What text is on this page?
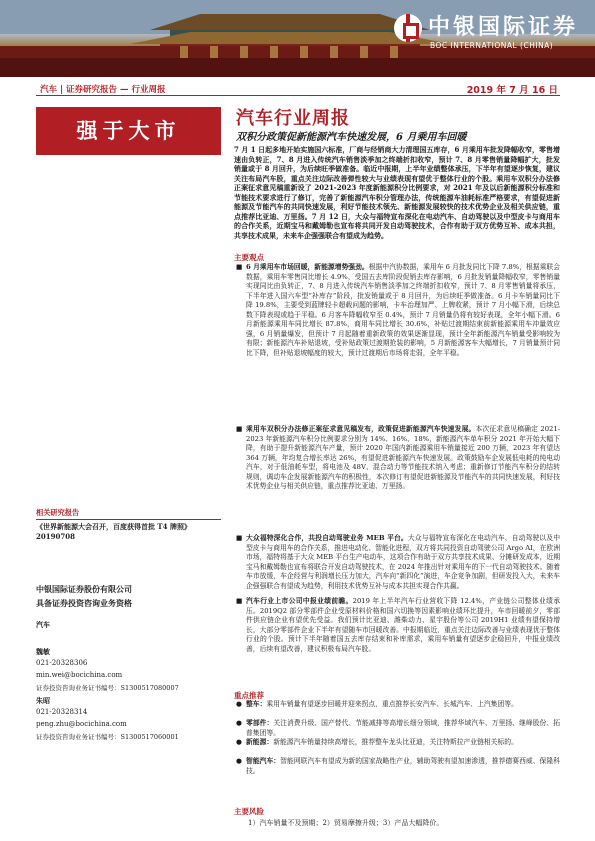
中银国际证券
BOC INTERNATIONAL (CHINA)
汽车 | 证券研究报告 — 行业周报	2019 年 7 月 16 日
强于大市	汽车行业周报
双积分政策促新能源汽车快速发展，6 月乘用车回暖
7 月 1 日起多地开始实施国六标准，厂商与经销商大力清理国五库存，6 月乘用车批发降幅收窄，零售增速由负转正，7、8 月进入传统汽车销售淡季加之终端折扣收窄，预计 7、8 月零售销量降幅扩大，批发销量或于 8 月回升，为后续旺季做准备。临近中报期，上半年业绩整体承压，下半年有望逐步恢复，建议关注布局汽车股，重点关注边际改善弹性较大与业绩表现有望优于整体行业的个股。乘用车双积分办法修正案征求意见稿重新设了 2021-2023 年度新能源积分比例要求，对 2021 年及以后新能源积分标准和节能技术要求进行了修订，完善了新能源汽车积分管理办法，传统能源车油耗标准严格要求，有望促进新能源及节能汽车的共同快速发展，利好节能技术领先、新能源发展较快的技术优势企业及相关供应链，重点推荐比亚迪、万里扬。7 月 12 日，大众与福特宣布深化在电动汽车、自动驾驶以及中型皮卡与商用车的合作关系，近期宝马和戴姆勒也宣布将共同开发自动驾驶技术，合作有助于双方优势互补、成本共担，共享技术成果，未来车企强强联合有望成为趋势。
主要观点
■ 6 月乘用车市场回暖，新能源增势强劲。根据中汽协数据，乘用车 6 月批发同比下降 7.8%，根据乘联会数据，乘用车零售同比增长 4.9%，受国五去库阶段促销去库存影响，6 月批发销量降幅收窄，零售销量实现同比由负转正，7、8 月进入传统汽车销售淡季加之终端折扣收窄，预计 7、8 月零售销量将承压，下半年进入国六车型“补库存”阶段，批发销量或于 8 月回升，为后续旺季做准备。6 月卡车销量同比下降 19.8%，主要受到蓝牌轻卡超载问题的影响，卡车治理加严、上牌收紧，预计 7 月小幅下滑，后续总数下降表现或趋于平稳。6 月客车降幅收窄至 0.4%，预计 7 月销量仍将有较好表现，全年小幅下滑。6 月新能源乘用车同比增长 87.8%，商用车同比增长 30.6%，补贴过渡期结束前新能源乘用车冲量效应强，6 月销量爆发，但预计 7 月起随着重新政策的效果逐渐显现，预计全年新能源汽车销量受影响较为有限；新能源汽车补贴退坡，受补贴政策过渡期抢装的影响，5 月新能源客车大幅增长，7 月销量预计同比下降，但补贴退坡幅度的较大，预计过渡期后市场将走弱，全年平稳。
■ 乘用车双积分办法修正案征求意见稿发布，政策促进新能源汽车快速发展。本次征求意见稿确定 2021-2023 年新能源汽车积分比例要求分别为 14%、16%、18%，新能源汽车单车积分 2021 年开始大幅下降，有助于提升新能源汽车产量，预计 2020 年国内新能源乘用车销量接近 200 万辆，2023 年有望达 364 万辆，年均复合增长率达 26%，有望促进新能源汽车快速发展。政策鼓励车企发展低电耗的纯电动汽车，对于低油耗车型，将电池及 48V、混合动力等节能技术纳入考虑；重新修订节能汽车积分的结转规则，调动车企发展新能源汽车的积极性，本次修订有望促进新能源及节能汽车的共同快速发展，利好技术优势企业与相关供应链，重点推荐比亚迪、万里扬。
■ 大众福特深化合作，共投自动驾驶业务 MEB 平台。大众与福特宣布深化在电动汽车、自动驾驶以及中型皮卡与商用车的合作关系，推进电动化、智能化进程，双方将共同投资自动驾驶公司 Argo AI，在欧洲市场，福特将基于大众 MEB 平台生产电动车，这项合作有助于双方共享技术成果、分摊研发成本，近期宝马和戴姆勒也宣布将联合开发自动驾驶技术，在 2024 年推出针对乘用车的下一代自动驾驶技术。随着车市放缓，车企经营与利润增长压力加大，汽车向“新四化”演进，车企竞争加剧，但研发投入大，未来车企强强联合有望成为趋势，利用技术优势互补与成本共担实现合作共赢。
■ 汽车行业上市公司中报业绩前瞻。2019 年上半年汽车行业营收下降 12.4%，产业链公司整体业绩承压。2019Q2 部分零部件企业受原材料价格和国六切换等因素影响业绩环比提升，车市回暖前夕，零部件供应链企业有望优先受益。我们预计比亚迪、潍柴动力、星宇股份等公司 2019H1 业绩有望保持增长，大部分零部件企业下半年有望随车市回暖改善。中报期临近，重点关注边际改善与业绩表现优于整体行业的个股。预计下半年随着国五去库存结束和补库需求，乘用车销量有望逐步企稳回升，中报业绩改善，后续有望改善，建议积极布局汽车股。
重点推荐
● 整车：乘用车销量有望逐步回暖并迎来拐点，重点推荐长安汽车、长城汽车、上汽集团等。
● 零部件：关注消费升级、国产替代、节能减排等高增长细分领域，推荐华域汽车、万里扬、继峰股份、拓普集团等。
● 新能源：新能源汽车销量持续高增长，推荐整车龙头比亚迪，关注特斯拉产业链相关标的。
● 智能汽车：智能网联汽车有望成为新的国家战略性产业，辅助驾驶有望加速渗透，推荐德赛西威、保隆科技。
主要风险
1）汽车销量不及预期；2）贸易摩擦升级；3）产品大幅降价。
相关研究报告
《世界新能源大会召开，百度获得首批 T4 牌照》20190708
中银国际证券股份有限公司
具备证券投资咨询业务资格
汽车
魏敏
021-20328306
min.wei@bocichina.com
证券投资咨询业务证书编号：S1300517080007
朱昭
021-20328314
peng.zhu@bocichina.com
证券投资咨询业务证书编号：S1300517060001
